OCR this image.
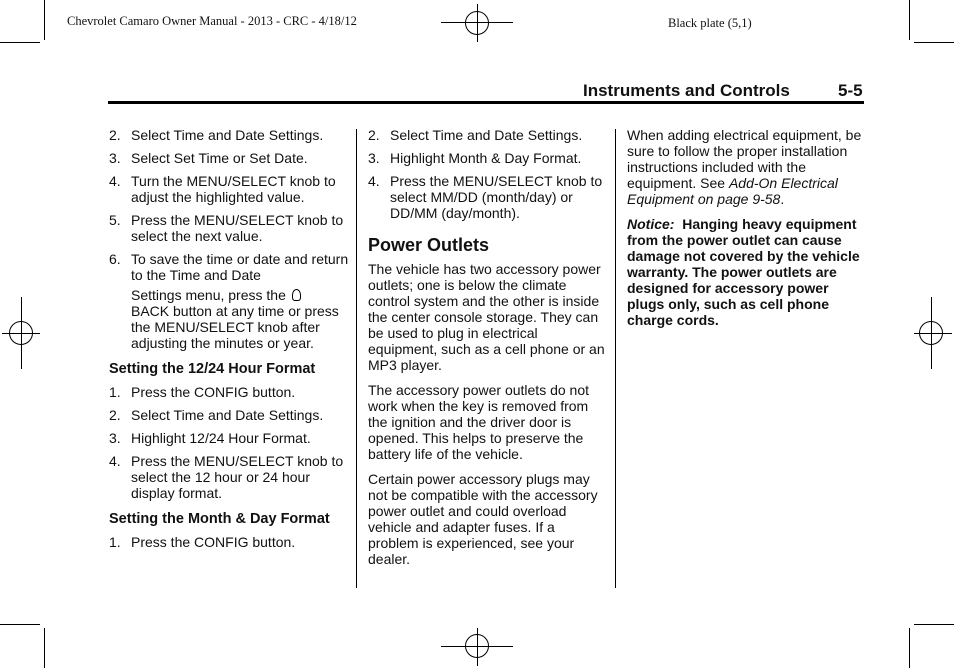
Chevrolet Camaro Owner Manual - 2013 - CRC - 4/18/12	Black plate (5,1)
Instruments and Controls	5-5
2. Select Time and Date Settings.
3. Select Set Time or Set Date.
4. Turn the MENU/SELECT knob to adjust the highlighted value.
5. Press the MENU/SELECT knob to select the next value.
6. To save the time or date and return to the Time and Date
Settings menu, press the
BACK button at any time or press the MENU/SELECT knob after adjusting the minutes or year.
Setting the 12/24 Hour Format
1. Press the CONFIG button.
2. Select Time and Date Settings.
3. Highlight 12/24 Hour Format.
4. Press the MENU/SELECT knob to select the 12 hour or 24 hour display format.
Setting the Month & Day Format
1. Press the CONFIG button.
2. Select Time and Date Settings.
3. Highlight Month & Day Format.
4. Press the MENU/SELECT knob to select MM/DD (month/day) or DD/MM (day/month).
Power Outlets
The vehicle has two accessory power outlets; one is below the climate control system and the other is inside the center console storage. They can be used to plug in electrical equipment, such as a cell phone or an MP3 player.
The accessory power outlets do not work when the key is removed from the ignition and the driver door is opened. This helps to preserve the battery life of the vehicle.
Certain power accessory plugs may not be compatible with the accessory power outlet and could overload vehicle and adapter fuses. If a problem is experienced, see your dealer.
When adding electrical equipment, be sure to follow the proper installation instructions included with the equipment. See Add-On Electrical Equipment on page 9-58.
Notice: Hanging heavy equipment from the power outlet can cause damage not covered by the vehicle warranty. The power outlets are designed for accessory power plugs only, such as cell phone charge cords.
